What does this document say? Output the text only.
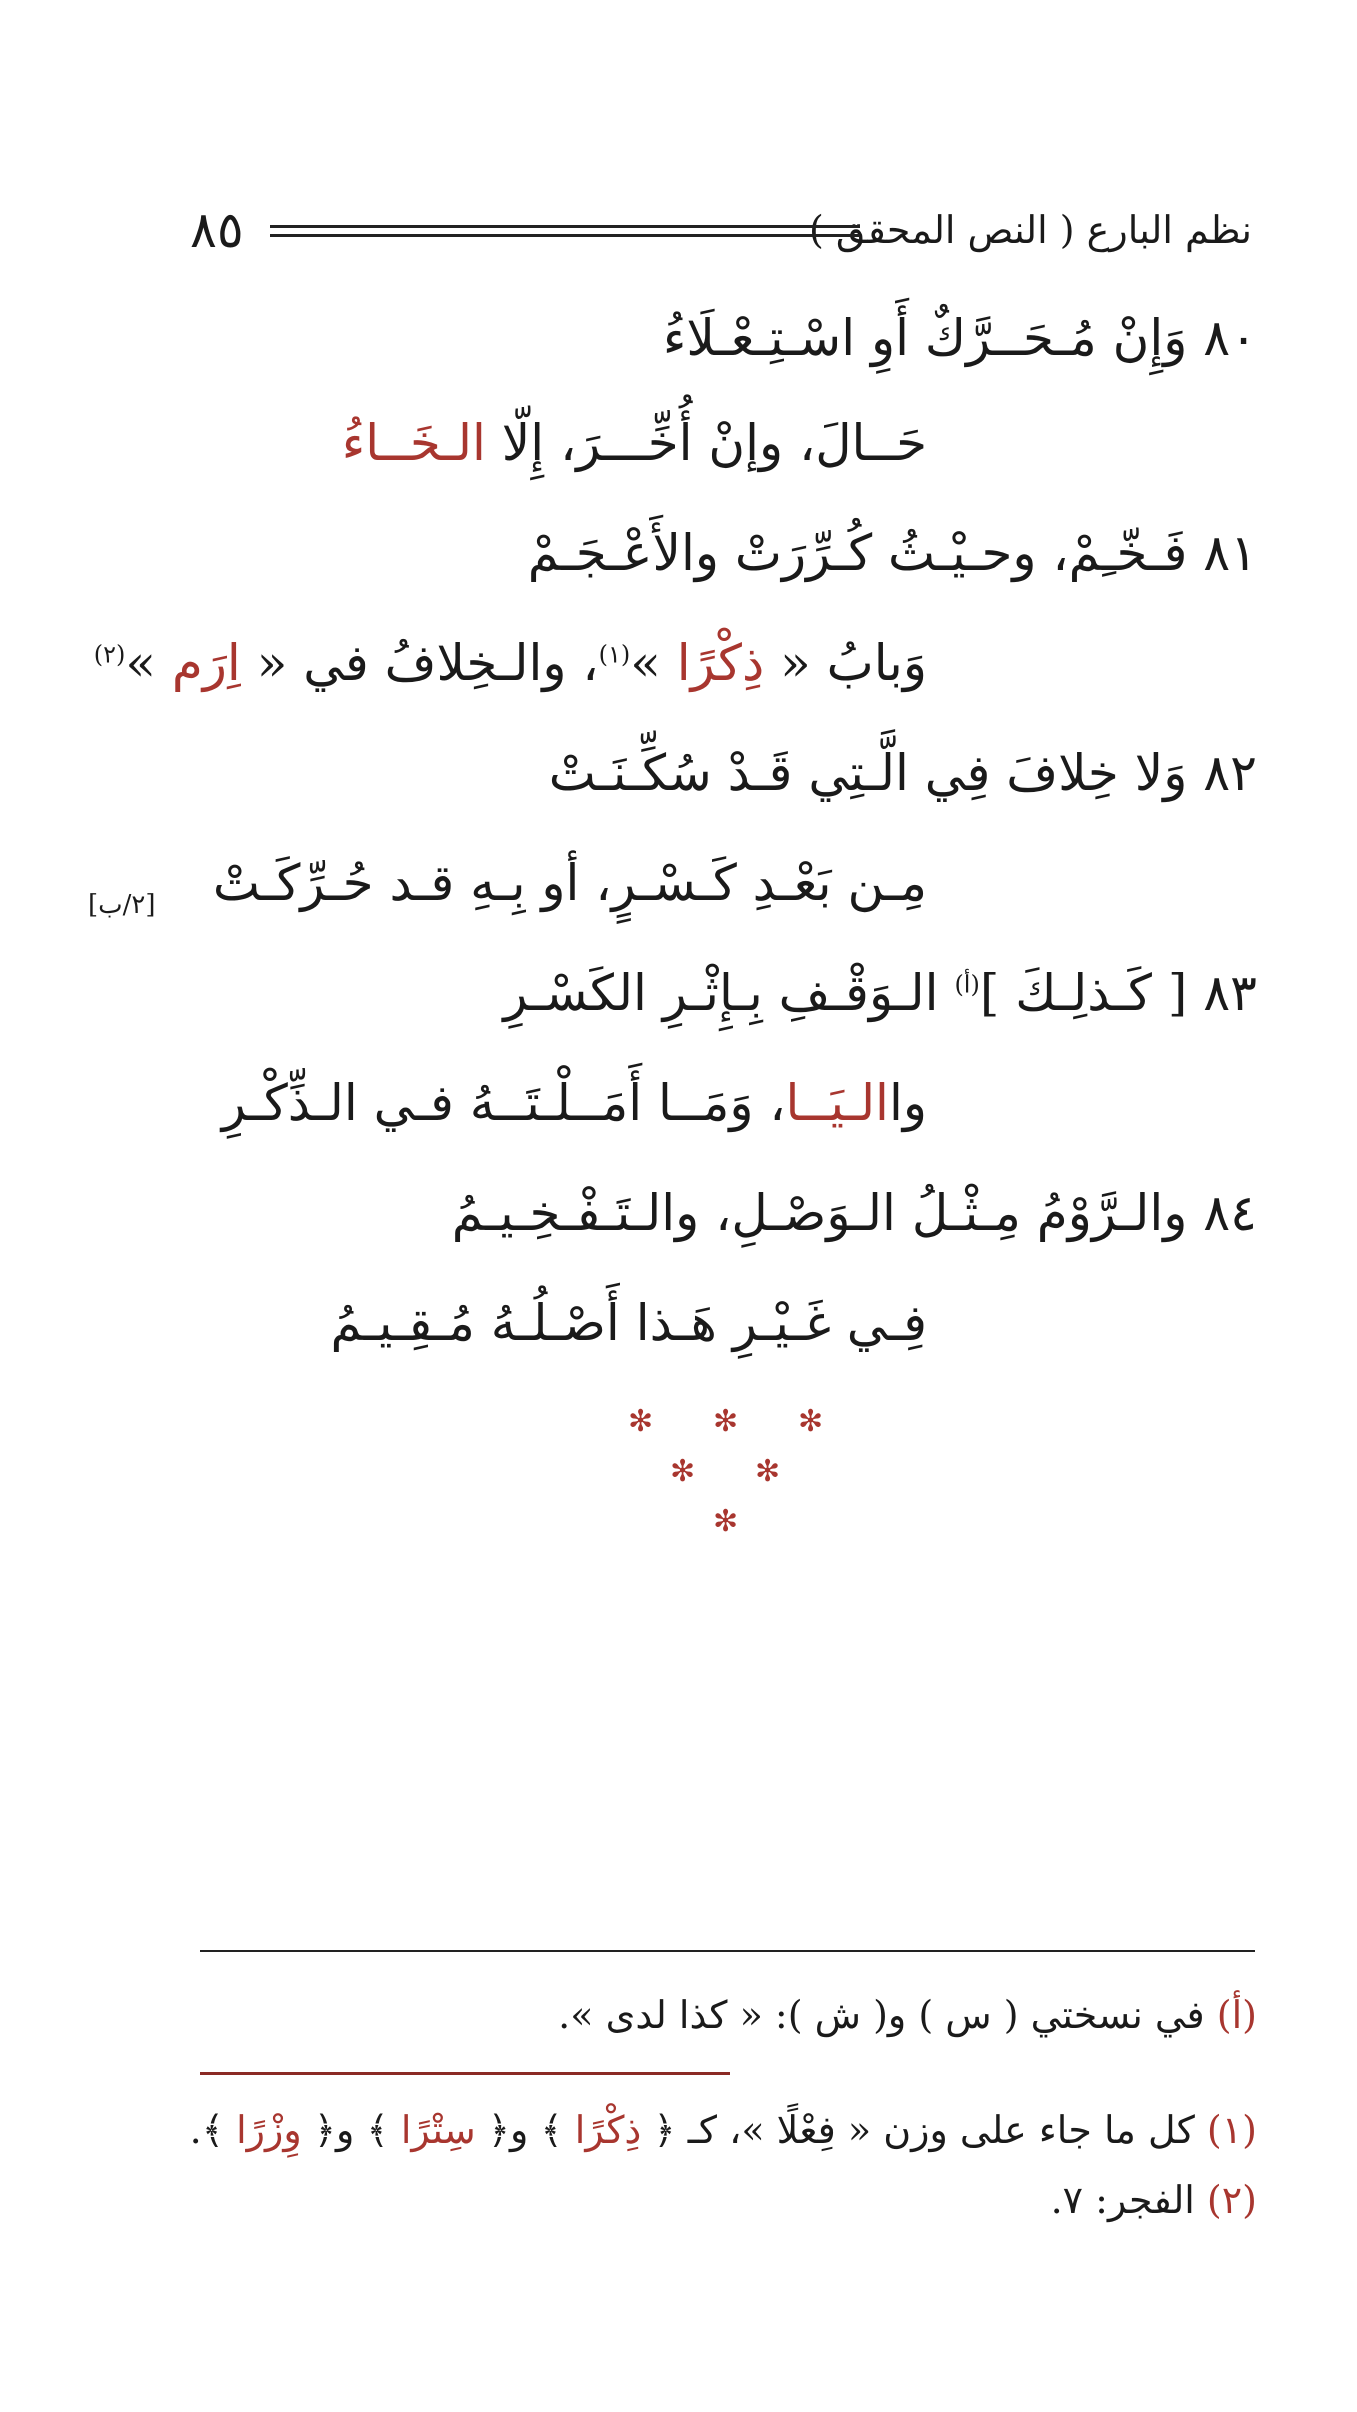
نظم البارع ( النص المحقق )
٨٥
٨٠ وَإِنْ مُـحَــرَّكٌ أَوِ اسْـتِـعْـلَاءُ
حَــالَ، وإنْ أُخِّـــرَ، إِلّا الـخَــاءُ
٨١ فَـخّـِمْ، وحـيْـثُ كُـرِّرَتْ والأَعْـجَـمْ
وَبابُ « ذِكْرًا »$^{(١)}$، والـخِلافُ في « اِرَم »$^{(٢)}$
٨٢ وَلا خِلافَ فِي الَّـتِي قَـدْ سُكِّـنَـتْ
مِـن بَعْـدِ كَـسْـرٍ، أو بِـهِ قـد حُـرِّكَـتْ
[٢/ب]
٨٣ [ كَـذلِـكَ ]$^{(أ)}$ الـوَقْـفِ بِـإِثْـرِ الكَسْـرِ
واالـيَــا، وَمَــا أَمَــلْـتَــهُ فـي الـذِّكْـرِ
٨٤ والـرَّوْمُ مِـثْـلُ الـوَصْـلِ، والـتَـفْـخِـيـمُ
فِـي غَـيْـرِ هَـذا أَصْـلُـهُ مُـقِـيـمُ
✻ ✻ ✻
✻ ✻
✻
(أ) في نسختي ( س ) و( ش ): « كذا لدى ».
(١) كل ما جاء على وزن « فِعْلًا »، كـ ﴿ ذِكْرًا ﴾ و﴿ سِتْرًا ﴾ و﴿ وِزْرًا ﴾.
(٢) الفجر: ٧.
